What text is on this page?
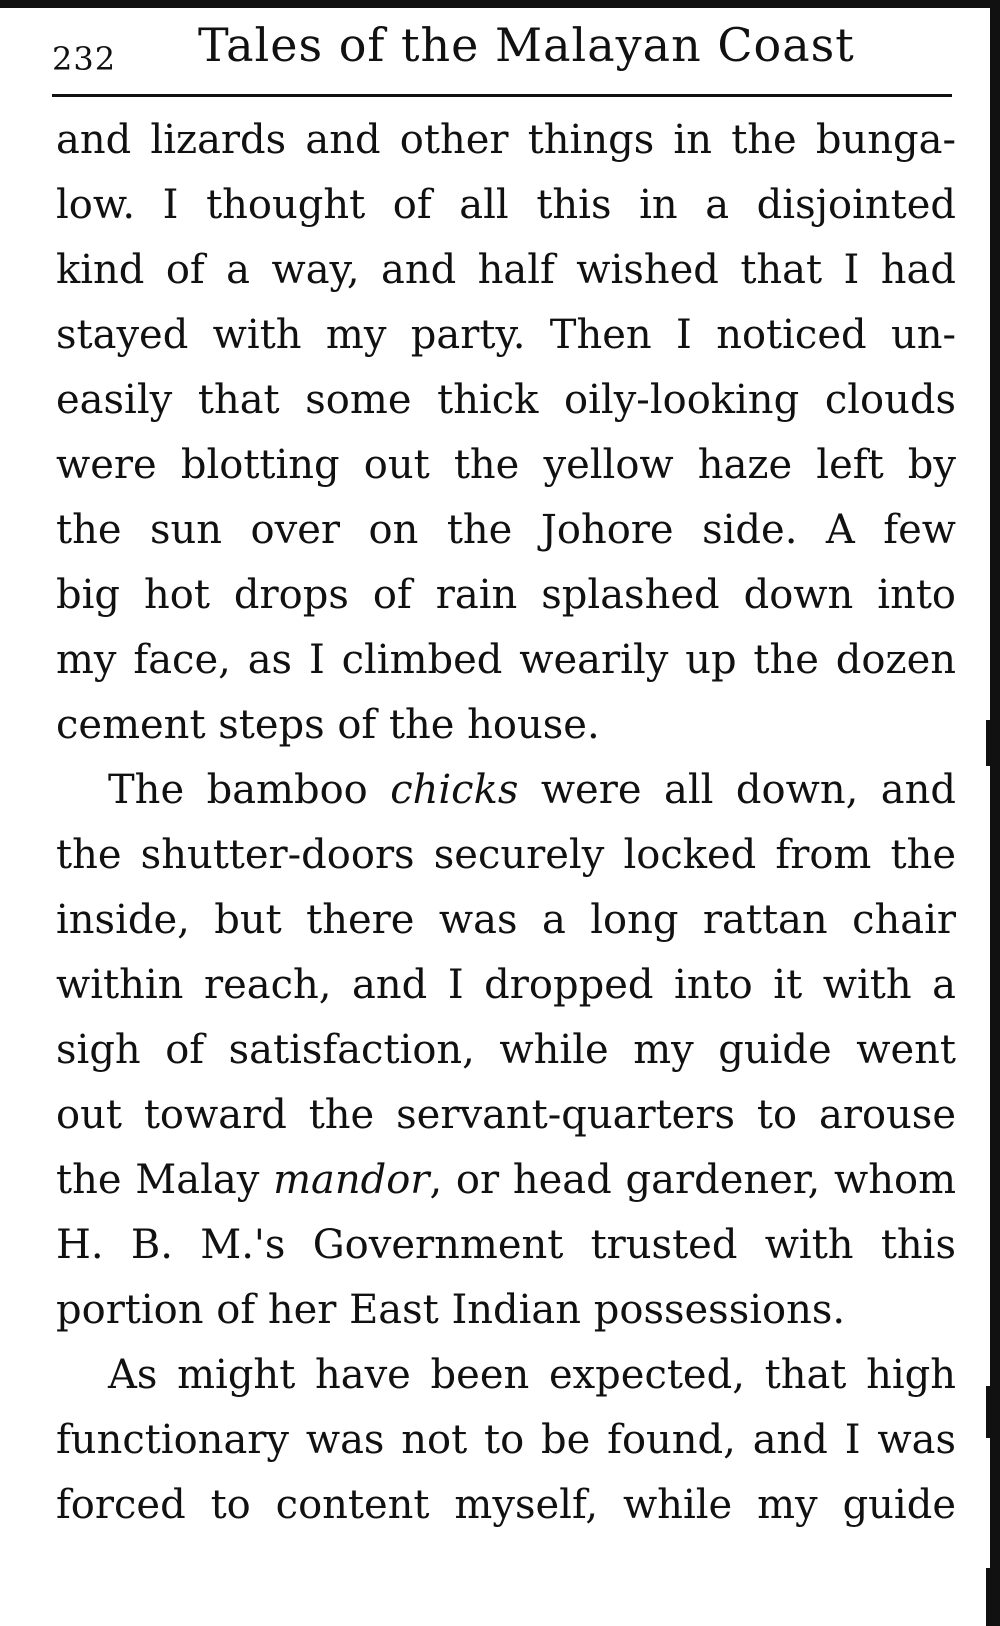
232 Tales of the Malayan Coast
and lizards and other things in the bunga-
low. I thought of all this in a disjointed
kind of a way, and half wished that I had
stayed with my party. Then I noticed un-
easily that some thick oily-looking clouds
were blotting out the yellow haze left by
the sun over on the Johore side. A few
big hot drops of rain splashed down into
my face, as I climbed wearily up the dozen
cement steps of the house.
The bamboo chicks were all down, and
the shutter-doors securely locked from the
inside, but there was a long rattan chair
within reach, and I dropped into it with a
sigh of satisfaction, while my guide went
out toward the servant-quarters to arouse
the Malay mandor, or head gardener, whom
H. B. M.'s Government trusted with this
portion of her East Indian possessions.
As might have been expected, that high
functionary was not to be found, and I was
forced to content myself, while my guide
